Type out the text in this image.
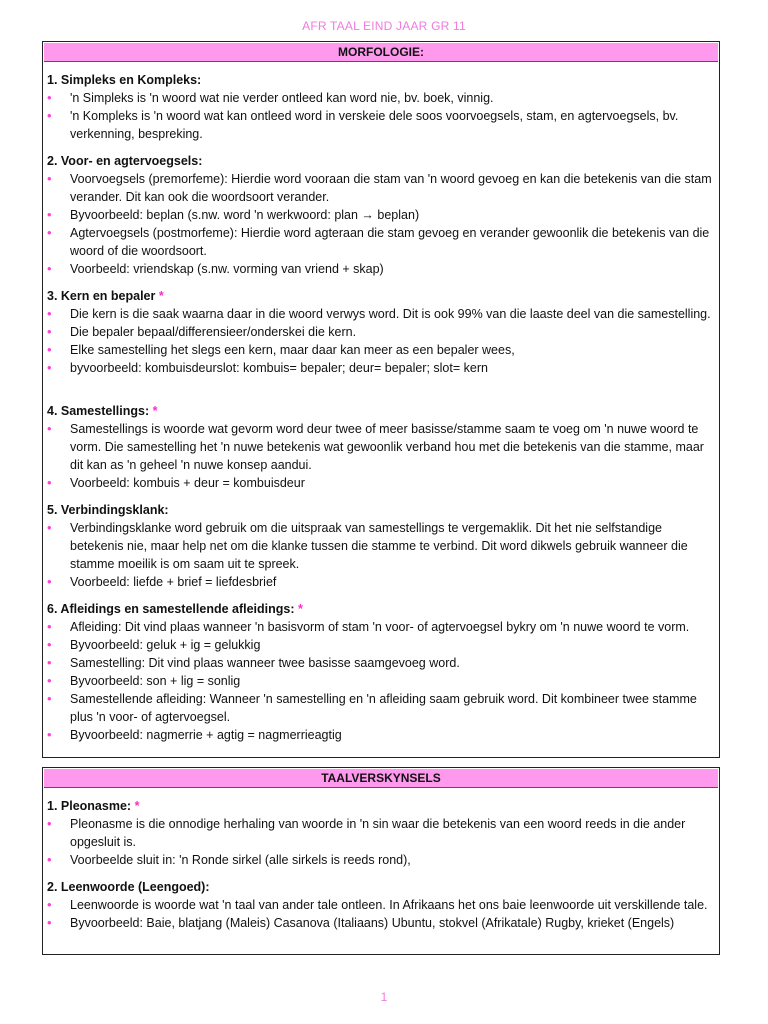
AFR TAAL EIND JAAR GR 11
MORFOLOGIE:
1. Simpleks en Kompleks:
• 'n Simpleks is 'n woord wat nie verder ontleed kan word nie, bv. boek, vinnig.
• 'n Kompleks is 'n woord wat kan ontleed word in verskeie dele soos voorvoegsels, stam, en agtervoegsels, bv. verkenning, bespreking.
2. Voor- en agtervoegsels:
• Voorvoegsels (premorfeme): Hierdie word vooraan die stam van 'n woord gevoeg en kan die betekenis van die stam verander. Dit kan ook die woordsoort verander.
• Byvoorbeeld: beplan (s.nw. word 'n werkwoord: plan → beplan)
• Agtervoegsels (postmorfeme): Hierdie word agteraan die stam gevoeg en verander gewoonlik die betekenis van die woord of die woordsoort.
• Voorbeeld: vriendskap (s.nw. vorming van vriend + skap)
3. Kern en bepaler *
• Die kern is die saak waarna daar in die woord verwys word. Dit is ook 99% van die laaste deel van die samestelling.
• Die bepaler bepaal/differensieer/onderskei die kern.
• Elke samestelling het slegs een kern, maar daar kan meer as een bepaler wees,
• byvoorbeeld: kombuisdeurslot: kombuis= bepaler; deur= bepaler; slot= kern
4. Samestellings: *
• Samestellings is woorde wat gevorm word deur twee of meer basisse/stamme saam te voeg om 'n nuwe woord te vorm. Die samestelling het 'n nuwe betekenis wat gewoonlik verband hou met die betekenis van die stamme, maar dit kan as 'n geheel 'n nuwe konsep aandui.
• Voorbeeld: kombuis + deur = kombuisdeur
5. Verbindingsklank:
• Verbindingsklanke word gebruik om die uitspraak van samestellings te vergemaklik. Dit het nie selfstandige betekenis nie, maar help net om die klanke tussen die stamme te verbind. Dit word dikwels gebruik wanneer die stamme moeilik is om saam uit te spreek.
• Voorbeeld: liefde + brief = liefdesbrief
6. Afleidings en samestellende afleidings: *
• Afleiding: Dit vind plaas wanneer 'n basisvorm of stam 'n voor- of agtervoegsel bykry om 'n nuwe woord te vorm.
• Byvoorbeeld: geluk + ig = gelukkig
• Samestelling: Dit vind plaas wanneer twee basisse saamgevoeg word.
• Byvoorbeeld: son + lig = sonlig
• Samestellende afleiding: Wanneer 'n samestelling en 'n afleiding saam gebruik word. Dit kombineer twee stamme plus 'n voor- of agtervoegsel.
• Byvoorbeeld: nagmerrie + agtig = nagmerrieagtig
TAALVERSKYNSELS
1. Pleonasme: *
• Pleonasme is die onnodige herhaling van woorde in 'n sin waar die betekenis van een woord reeds in die ander opgesluit is.
• Voorbeelde sluit in: 'n Ronde sirkel (alle sirkels is reeds rond),
2. Leenwoorde (Leengoed):
• Leenwoorde is woorde wat 'n taal van ander tale ontleen. In Afrikaans het ons baie leenwoorde uit verskillende tale.
• Byvoorbeeld: Baie, blatjang (Maleis) Casanova (Italiaans) Ubuntu, stokvel (Afrikatale) Rugby, krieket (Engels)
1
